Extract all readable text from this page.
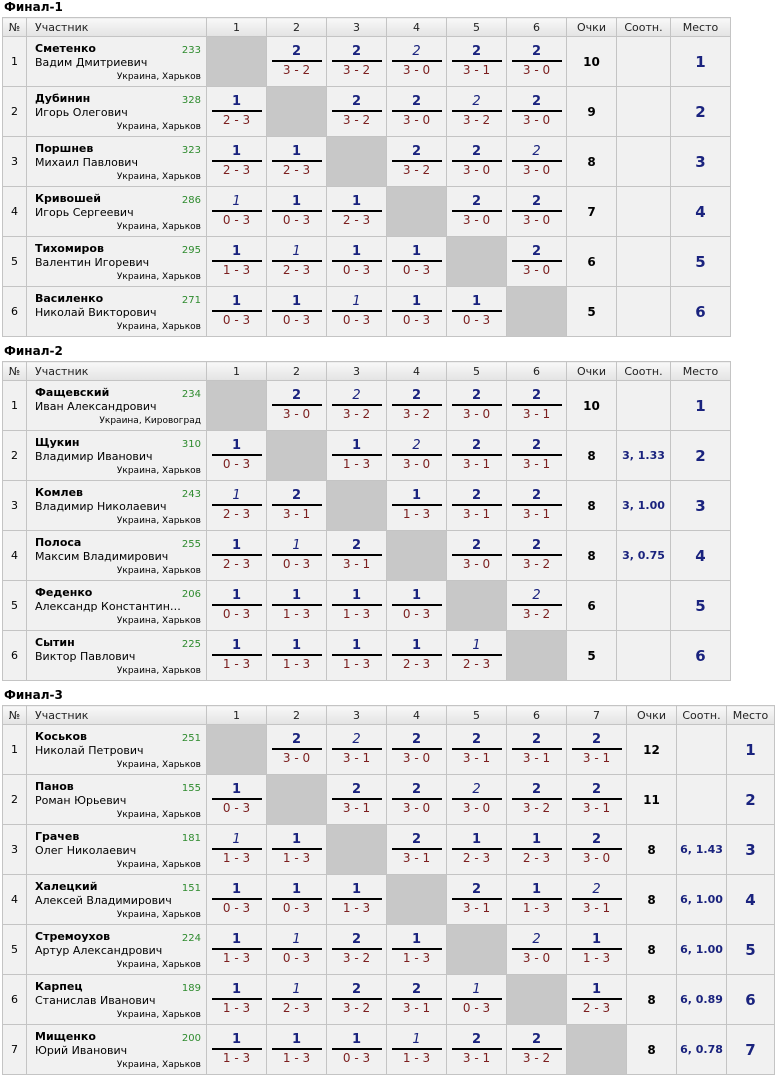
Финал-1
№	Участник	1	2	3	4	5	6	Очки	Соотн.	Место
1	Сметенко
Вадим Дмитриевич
233
Украина, Харьков		2
3 - 2	2
3 - 2	2
3 - 0	2
3 - 1	2
3 - 0	10		1
2	Дубинин
Игорь Олегович
328
Украина, Харьков	1
2 - 3		2
3 - 2	2
3 - 0	2
3 - 2	2
3 - 0	9		2
3	Поршнев
Михаил Павлович
323
Украина, Харьков	1
2 - 3	1
2 - 3		2
3 - 2	2
3 - 0	2
3 - 0	8		3
4	Кривошей
Игорь Сергеевич
286
Украина, Харьков	1
0 - 3	1
0 - 3	1
2 - 3		2
3 - 0	2
3 - 0	7		4
5	Тихомиров
Валентин Игоревич
295
Украина, Харьков	1
1 - 3	1
2 - 3	1
0 - 3	1
0 - 3		2
3 - 0	6		5
6	Василенко
Николай Викторович
271
Украина, Харьков	1
0 - 3	1
0 - 3	1
0 - 3	1
0 - 3	1
0 - 3		5		6
Финал-2
№	Участник	1	2	3	4	5	6	Очки	Соотн.	Место
1	Фащевский
Иван Александрович
234
Украина, Кировоград		2
3 - 0	2
3 - 2	2
3 - 2	2
3 - 0	2
3 - 1	10		1
2	Щукин
Владимир Иванович
310
Украина, Харьков	1
0 - 3		1
1 - 3	2
3 - 0	2
3 - 1	2
3 - 1	8	3, 1.33	2
3	Комлев
Владимир Николаевич
243
Украина, Харьков	1
2 - 3	2
3 - 1		1
1 - 3	2
3 - 1	2
3 - 1	8	3, 1.00	3
4	Полоса
Максим Владимирович
255
Украина, Харьков	1
2 - 3	1
0 - 3	2
3 - 1		2
3 - 0	2
3 - 2	8	3, 0.75	4
5	Феденко
Александр Константин…
206
Украина, Харьков	1
0 - 3	1
1 - 3	1
1 - 3	1
0 - 3		2
3 - 2	6		5
6	Сытин
Виктор Павлович
225
Украина, Харьков	1
1 - 3	1
1 - 3	1
1 - 3	1
2 - 3	1
2 - 3		5		6
Финал-3
№	Участник	1	2	3	4	5	6	7	Очки	Соотн.	Место
1	Коськов
Николай Петрович
251
Украина, Харьков		2
3 - 0	2
3 - 1	2
3 - 0	2
3 - 1	2
3 - 1	2
3 - 1	12		1
2	Панов
Роман Юрьевич
155
Украина, Харьков	1
0 - 3		2
3 - 1	2
3 - 0	2
3 - 0	2
3 - 2	2
3 - 1	11		2
3	Грачев
Олег Николаевич
181
Украина, Харьков	1
1 - 3	1
1 - 3		2
3 - 1	1
2 - 3	1
2 - 3	2
3 - 0	8	6, 1.43	3
4	Халецкий
Алексей Владимирович
151
Украина, Харьков	1
0 - 3	1
0 - 3	1
1 - 3		2
3 - 1	1
1 - 3	2
3 - 1	8	6, 1.00	4
5	Стремоухов
Артур Александрович
224
Украина, Харьков	1
1 - 3	1
0 - 3	2
3 - 2	1
1 - 3		2
3 - 0	1
1 - 3	8	6, 1.00	5
6	Карпец
Станислав Иванович
189
Украина, Харьков	1
1 - 3	1
2 - 3	2
3 - 2	2
3 - 1	1
0 - 3		1
2 - 3	8	6, 0.89	6
7	Мищенко
Юрий Иванович
200
Украина, Харьков	1
1 - 3	1
1 - 3	1
0 - 3	1
1 - 3	2
3 - 1	2
3 - 2		8	6, 0.78	7
